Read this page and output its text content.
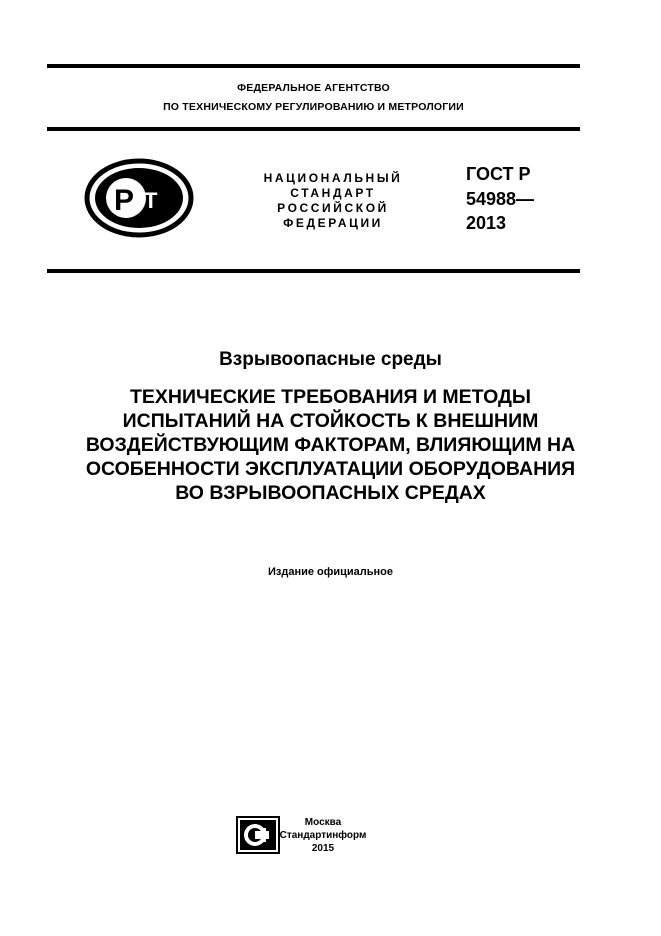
ФЕДЕРАЛЬНОЕ АГЕНТСТВО
ПО ТЕХНИЧЕСКОМУ РЕГУЛИРОВАНИЮ И МЕТРОЛОГИИ
P T
НАЦИОНАЛЬНЫЙ
СТАНДАРТ
РОССИЙСКОЙ
ФЕДЕРАЦИИ
ГОСТ Р
54988—
2013
Взрывоопасные среды
ТЕХНИЧЕСКИЕ ТРЕБОВАНИЯ И МЕТОДЫ
ИСПЫТАНИЙ НА СТОЙКОСТЬ К ВНЕШНИМ
ВОЗДЕЙСТВУЮЩИМ ФАКТОРАМ, ВЛИЯЮЩИМ НА
ОСОБЕННОСТИ ЭКСПЛУАТАЦИИ ОБОРУДОВАНИЯ
ВО ВЗРЫВООПАСНЫХ СРЕДАХ
Издание официальное
Москва
Стандартинформ
2015
